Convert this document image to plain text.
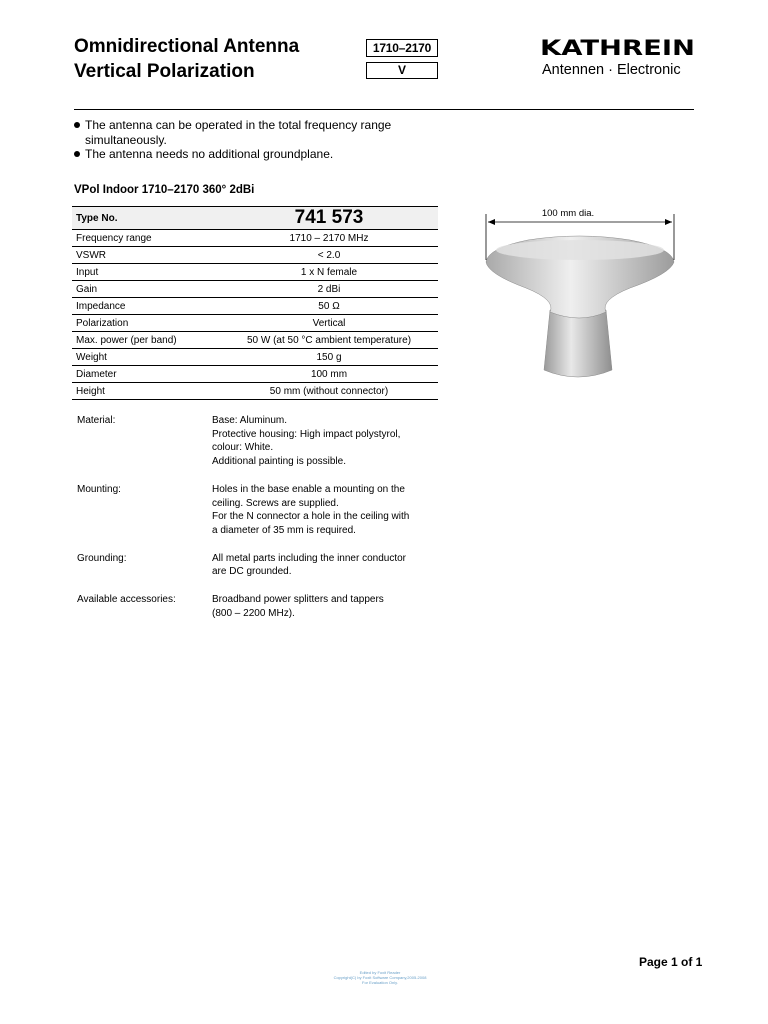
Omnidirectional Antenna
Vertical Polarization
1710–2170
V
KATHREIN
Antennen · Electronic
The antenna can be operated in the total frequency range
simultaneously.
The antenna needs no additional groundplane.
VPol Indoor 1710–2170 360° 2dBi
Type No.	741 573
Frequency range	1710 – 2170 MHz
VSWR	< 2.0
Input	1 x N female
Gain	2 dBi
Impedance	50 Ω
Polarization	Vertical
Max. power (per band)	50 W (at 50 °C ambient temperature)
Weight	150 g
Diameter	100 mm
Height	50 mm (without connector)
Material:	Base: Aluminum.
Protective housing: High impact polystyrol,
colour: White.
Additional painting is possible.
Mounting:	Holes in the base enable a mounting on the
ceiling. Screws are supplied.
For the N connector a hole in the ceiling with
a diameter of 35 mm is required.
Grounding:	All metal parts including the inner conductor
are DC grounded.
Available accessories:	Broadband power splitters and tappers
(800 – 2200 MHz).
100 mm dia.
Page 1 of 1
Edited by Foxit Reader
Copyright(C) by Foxit Software Company,2005-2008
For Evaluation Only.
